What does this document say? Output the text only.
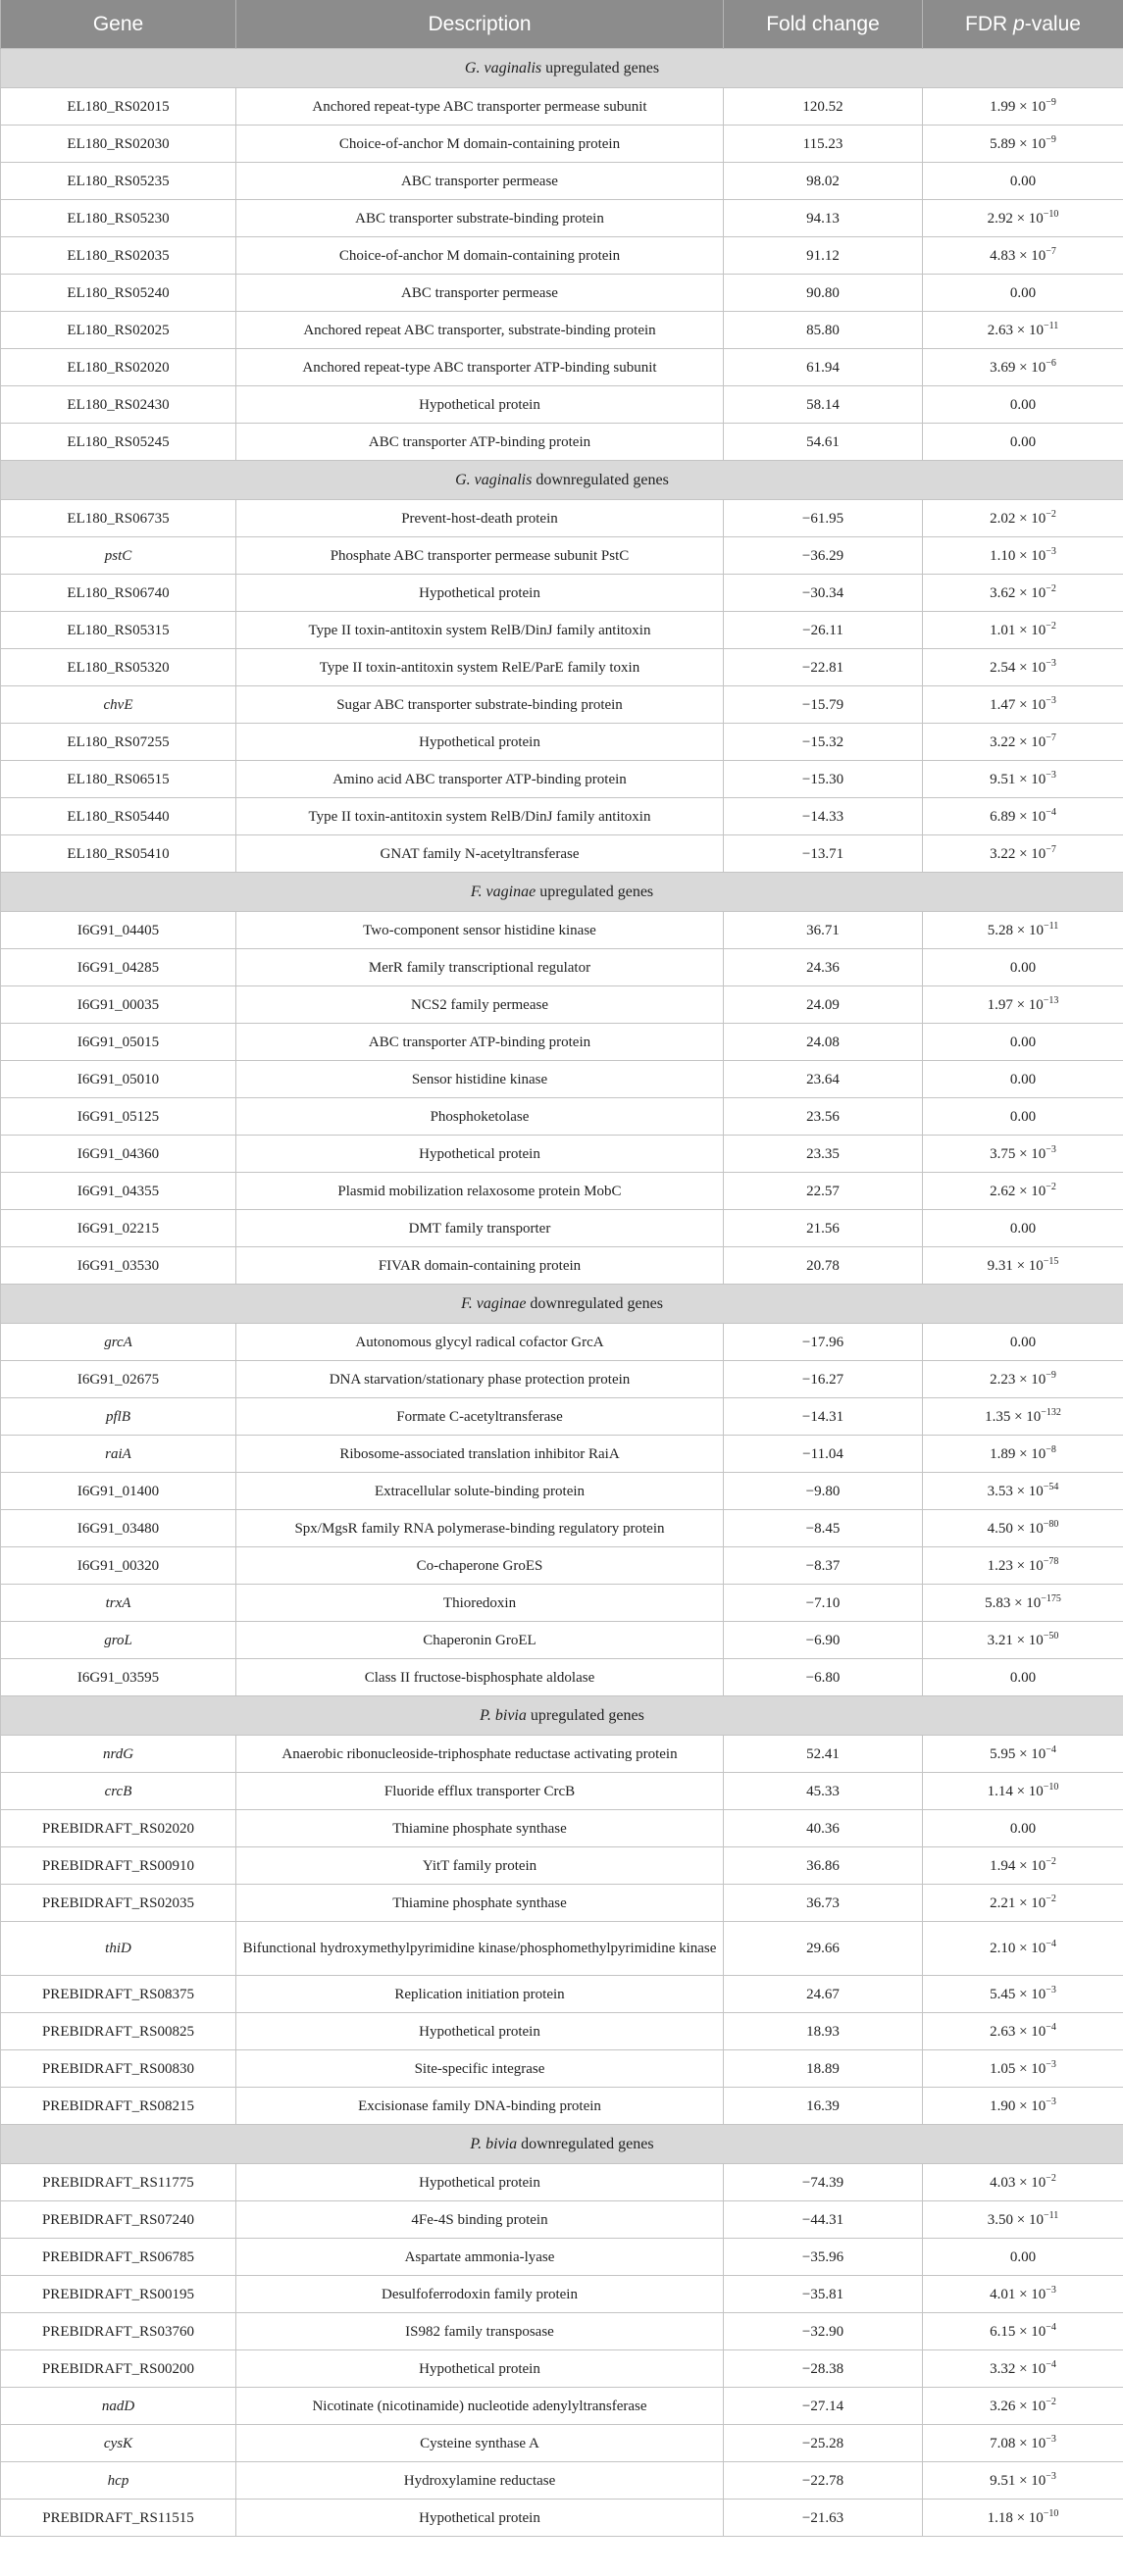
Gene	Description	Fold change	FDR p-value
G. vaginalis upregulated genes			
EL180_RS02015	Anchored repeat-type ABC transporter permease subunit	120.52	$1.99 \times 10^{-9}$
EL180_RS02030	Choice-of-anchor M domain-containing protein	115.23	$5.89 \times 10^{-9}$
EL180_RS05235	ABC transporter permease	98.02	0.00
EL180_RS05230	ABC transporter substrate-binding protein	94.13	$2.92 \times 10^{-10}$
EL180_RS02035	Choice-of-anchor M domain-containing protein	91.12	$4.83 \times 10^{-7}$
EL180_RS05240	ABC transporter permease	90.80	0.00
EL180_RS02025	Anchored repeat ABC transporter, substrate-binding protein	85.80	$2.63 \times 10^{-11}$
EL180_RS02020	Anchored repeat-type ABC transporter ATP-binding subunit	61.94	$3.69 \times 10^{-6}$
EL180_RS02430	Hypothetical protein	58.14	0.00
EL180_RS05245	ABC transporter ATP-binding protein	54.61	0.00
G. vaginalis downregulated genes			
EL180_RS06735	Prevent-host-death protein	−61.95	$2.02 \times 10^{-2}$
pstC	Phosphate ABC transporter permease subunit PstC	−36.29	$1.10 \times 10^{-3}$
EL180_RS06740	Hypothetical protein	−30.34	$3.62 \times 10^{-2}$
EL180_RS05315	Type II toxin-antitoxin system RelB/DinJ family antitoxin	−26.11	$1.01 \times 10^{-2}$
EL180_RS05320	Type II toxin-antitoxin system RelE/ParE family toxin	−22.81	$2.54 \times 10^{-3}$
chvE	Sugar ABC transporter substrate-binding protein	−15.79	$1.47 \times 10^{-3}$
EL180_RS07255	Hypothetical protein	−15.32	$3.22 \times 10^{-7}$
EL180_RS06515	Amino acid ABC transporter ATP-binding protein	−15.30	$9.51 \times 10^{-3}$
EL180_RS05440	Type II toxin-antitoxin system RelB/DinJ family antitoxin	−14.33	$6.89 \times 10^{-4}$
EL180_RS05410	GNAT family N-acetyltransferase	−13.71	$3.22 \times 10^{-7}$
F. vaginae upregulated genes			
I6G91_04405	Two-component sensor histidine kinase	36.71	$5.28 \times 10^{-11}$
I6G91_04285	MerR family transcriptional regulator	24.36	0.00
I6G91_00035	NCS2 family permease	24.09	$1.97 \times 10^{-13}$
I6G91_05015	ABC transporter ATP-binding protein	24.08	0.00
I6G91_05010	Sensor histidine kinase	23.64	0.00
I6G91_05125	Phosphoketolase	23.56	0.00
I6G91_04360	Hypothetical protein	23.35	$3.75 \times 10^{-3}$
I6G91_04355	Plasmid mobilization relaxosome protein MobC	22.57	$2.62 \times 10^{-2}$
I6G91_02215	DMT family transporter	21.56	0.00
I6G91_03530	FIVAR domain-containing protein	20.78	$9.31 \times 10^{-15}$
F. vaginae downregulated genes			
grcA	Autonomous glycyl radical cofactor GrcA	−17.96	0.00
I6G91_02675	DNA starvation/stationary phase protection protein	−16.27	$2.23 \times 10^{-9}$
pflB	Formate C-acetyltransferase	−14.31	$1.35 \times 10^{-132}$
raiA	Ribosome-associated translation inhibitor RaiA	−11.04	$1.89 \times 10^{-8}$
I6G91_01400	Extracellular solute-binding protein	−9.80	$3.53 \times 10^{-54}$
I6G91_03480	Spx/MgsR family RNA polymerase-binding regulatory protein	−8.45	$4.50 \times 10^{-80}$
I6G91_00320	Co-chaperone GroES	−8.37	$1.23 \times 10^{-78}$
trxA	Thioredoxin	−7.10	$5.83 \times 10^{-175}$
groL	Chaperonin GroEL	−6.90	$3.21 \times 10^{-50}$
I6G91_03595	Class II fructose-bisphosphate aldolase	−6.80	0.00
P. bivia upregulated genes			
nrdG	Anaerobic ribonucleoside-triphosphate reductase activating protein	52.41	$5.95 \times 10^{-4}$
crcB	Fluoride efflux transporter CrcB	45.33	$1.14 \times 10^{-10}$
PREBIDRAFT_RS02020	Thiamine phosphate synthase	40.36	0.00
PREBIDRAFT_RS00910	YitT family protein	36.86	$1.94 \times 10^{-2}$
PREBIDRAFT_RS02035	Thiamine phosphate synthase	36.73	$2.21 \times 10^{-2}$
thiD	Bifunctional hydroxymethylpyrimidine kinase/phosphomethylpyrimidine kinase	29.66	$2.10 \times 10^{-4}$
PREBIDRAFT_RS08375	Replication initiation protein	24.67	$5.45 \times 10^{-3}$
PREBIDRAFT_RS00825	Hypothetical protein	18.93	$2.63 \times 10^{-4}$
PREBIDRAFT_RS00830	Site-specific integrase	18.89	$1.05 \times 10^{-3}$
PREBIDRAFT_RS08215	Excisionase family DNA-binding protein	16.39	$1.90 \times 10^{-3}$
P. bivia downregulated genes			
PREBIDRAFT_RS11775	Hypothetical protein	−74.39	$4.03 \times 10^{-2}$
PREBIDRAFT_RS07240	4Fe-4S binding protein	−44.31	$3.50 \times 10^{-11}$
PREBIDRAFT_RS06785	Aspartate ammonia-lyase	−35.96	0.00
PREBIDRAFT_RS00195	Desulfoferrodoxin family protein	−35.81	$4.01 \times 10^{-3}$
PREBIDRAFT_RS03760	IS982 family transposase	−32.90	$6.15 \times 10^{-4}$
PREBIDRAFT_RS00200	Hypothetical protein	−28.38	$3.32 \times 10^{-4}$
nadD	Nicotinate (nicotinamide) nucleotide adenylyltransferase	−27.14	$3.26 \times 10^{-2}$
cysK	Cysteine synthase A	−25.28	$7.08 \times 10^{-3}$
hcp	Hydroxylamine reductase	−22.78	$9.51 \times 10^{-3}$
PREBIDRAFT_RS11515	Hypothetical protein	−21.63	$1.18 \times 10^{-10}$
